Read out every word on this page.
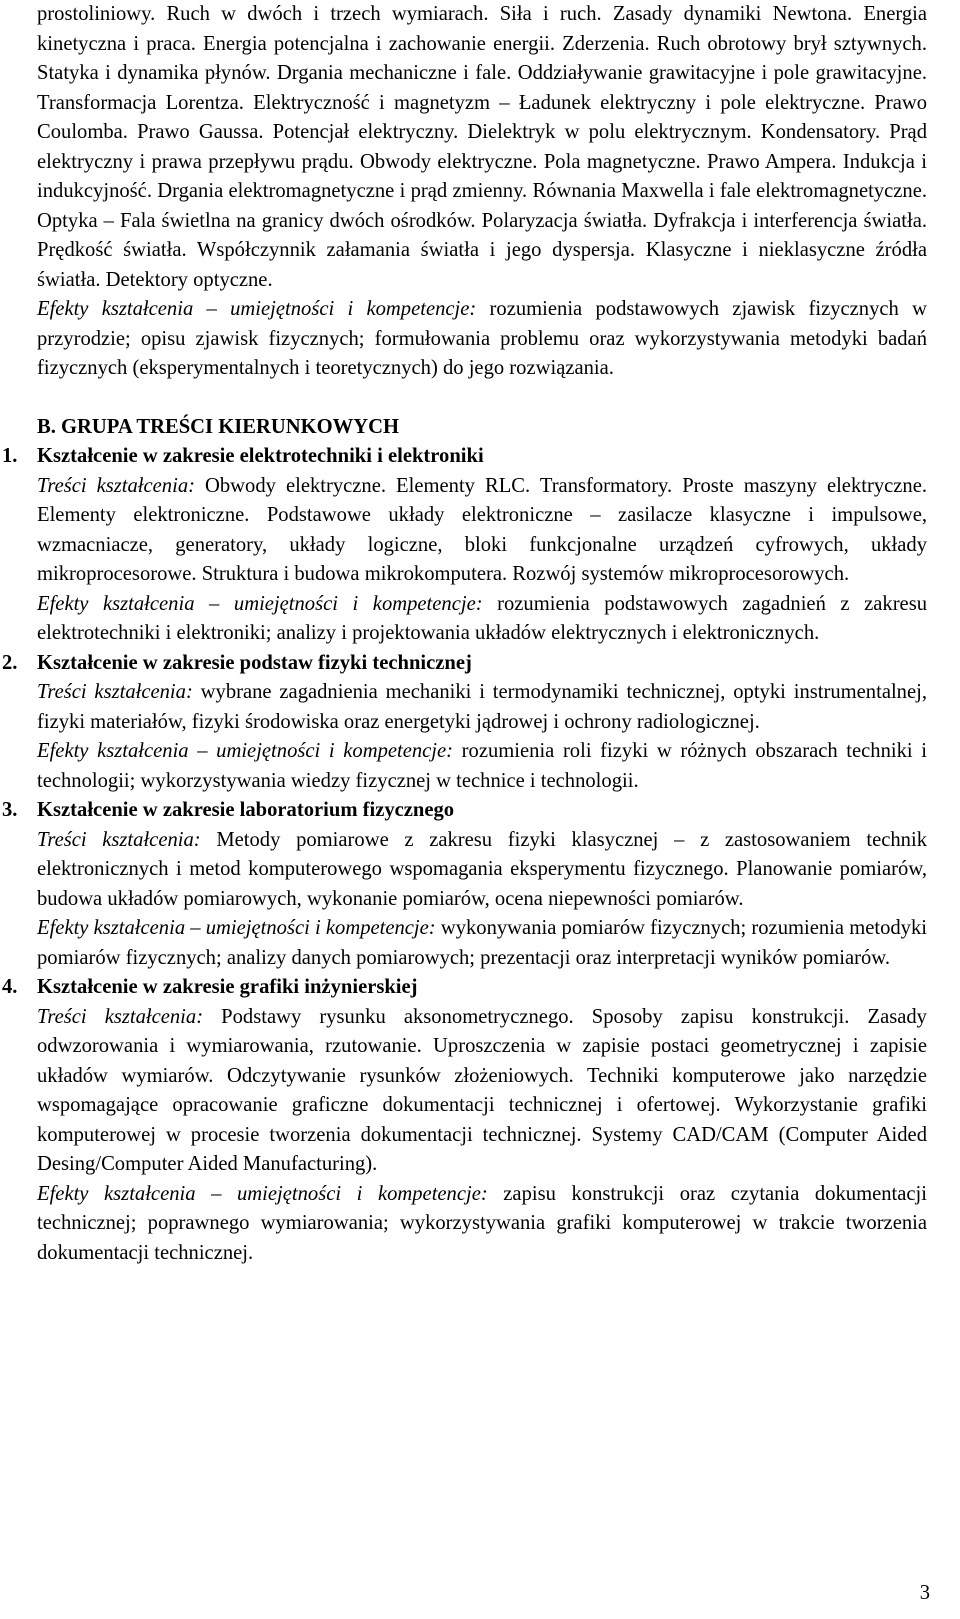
prostoliniowy. Ruch w dwóch i trzech wymiarach. Siła i ruch. Zasady dynamiki Newtona. Energia kinetyczna i praca. Energia potencjalna i zachowanie energii. Zderzenia. Ruch obrotowy brył sztywnych. Statyka i dynamika płynów. Drgania mechaniczne i fale. Oddziaływanie grawitacyjne i pole grawitacyjne. Transformacja Lorentza. Elektryczność i magnetyzm – Ładunek elektryczny i pole elektryczne. Prawo Coulomba. Prawo Gaussa. Potencjał elektryczny. Dielektryk w polu elektrycznym. Kondensatory. Prąd elektryczny i prawa przepływu prądu. Obwody elektryczne. Pola magnetyczne. Prawo Ampera. Indukcja i indukcyjność. Drgania elektromagnetyczne i prąd zmienny. Równania Maxwella i fale elektromagnetyczne. Optyka – Fala świetlna na granicy dwóch ośrodków. Polaryzacja światła. Dyfrakcja i interferencja światła. Prędkość światła. Współczynnik załamania światła i jego dyspersja. Klasyczne i nieklasyczne źródła światła. Detektory optyczne.

Efekty kształcenia – umiejętności i kompetencje: rozumienia podstawowych zjawisk fizycznych w przyrodzie; opisu zjawisk fizycznych; formułowania problemu oraz wykorzystywania metodyki badań fizycznych (eksperymentalnych i teoretycznych) do jego rozwiązania.

B. GRUPA TREŚCI KIERUNKOWYCH
1. Kształcenie w zakresie elektrotechniki i elektroniki

Treści kształcenia: Obwody elektryczne. Elementy RLC. Transformatory. Proste maszyny elektryczne. Elementy elektroniczne. Podstawowe układy elektroniczne – zasilacze klasyczne i impulsowe, wzmacniacze, generatory, układy logiczne, bloki funkcjonalne urządzeń cyfrowych, układy mikroprocesorowe. Struktura i budowa mikrokomputera. Rozwój systemów mikroprocesorowych.

Efekty kształcenia – umiejętności i kompetencje: rozumienia podstawowych zagadnień z zakresu elektrotechniki i elektroniki; analizy i projektowania układów elektrycznych i elektronicznych.

2. Kształcenie w zakresie podstaw fizyki technicznej

Treści kształcenia: wybrane zagadnienia mechaniki i termodynamiki technicznej, optyki instrumentalnej, fizyki materiałów, fizyki środowiska oraz energetyki jądrowej i ochrony radiologicznej.

Efekty kształcenia – umiejętności i kompetencje: rozumienia roli fizyki w różnych obszarach techniki i technologii; wykorzystywania wiedzy fizycznej w technice i technologii.

3. Kształcenie w zakresie laboratorium fizycznego

Treści kształcenia: Metody pomiarowe z zakresu fizyki klasycznej – z zastosowaniem technik elektronicznych i metod komputerowego wspomagania eksperymentu fizycznego. Planowanie pomiarów, budowa układów pomiarowych, wykonanie pomiarów, ocena niepewności pomiarów.

Efekty kształcenia – umiejętności i kompetencje: wykonywania pomiarów fizycznych; rozumienia metodyki pomiarów fizycznych; analizy danych pomiarowych; prezentacji oraz interpretacji wyników pomiarów.

4. Kształcenie w zakresie grafiki inżynierskiej

Treści kształcenia: Podstawy rysunku aksonometrycznego. Sposoby zapisu konstrukcji. Zasady odwzorowania i wymiarowania, rzutowanie. Uproszczenia w zapisie postaci geometrycznej i zapisie układów wymiarów. Odczytywanie rysunków złożeniowych. Techniki komputerowe jako narzędzie wspomagające opracowanie graficzne dokumentacji technicznej i ofertowej. Wykorzystanie grafiki komputerowej w procesie tworzenia dokumentacji technicznej. Systemy CAD/CAM (Computer Aided Desing/Computer Aided Manufacturing).

Efekty kształcenia – umiejętności i kompetencje: zapisu konstrukcji oraz czytania dokumentacji technicznej; poprawnego wymiarowania; wykorzystywania grafiki komputerowej w trakcie tworzenia dokumentacji technicznej.

3
